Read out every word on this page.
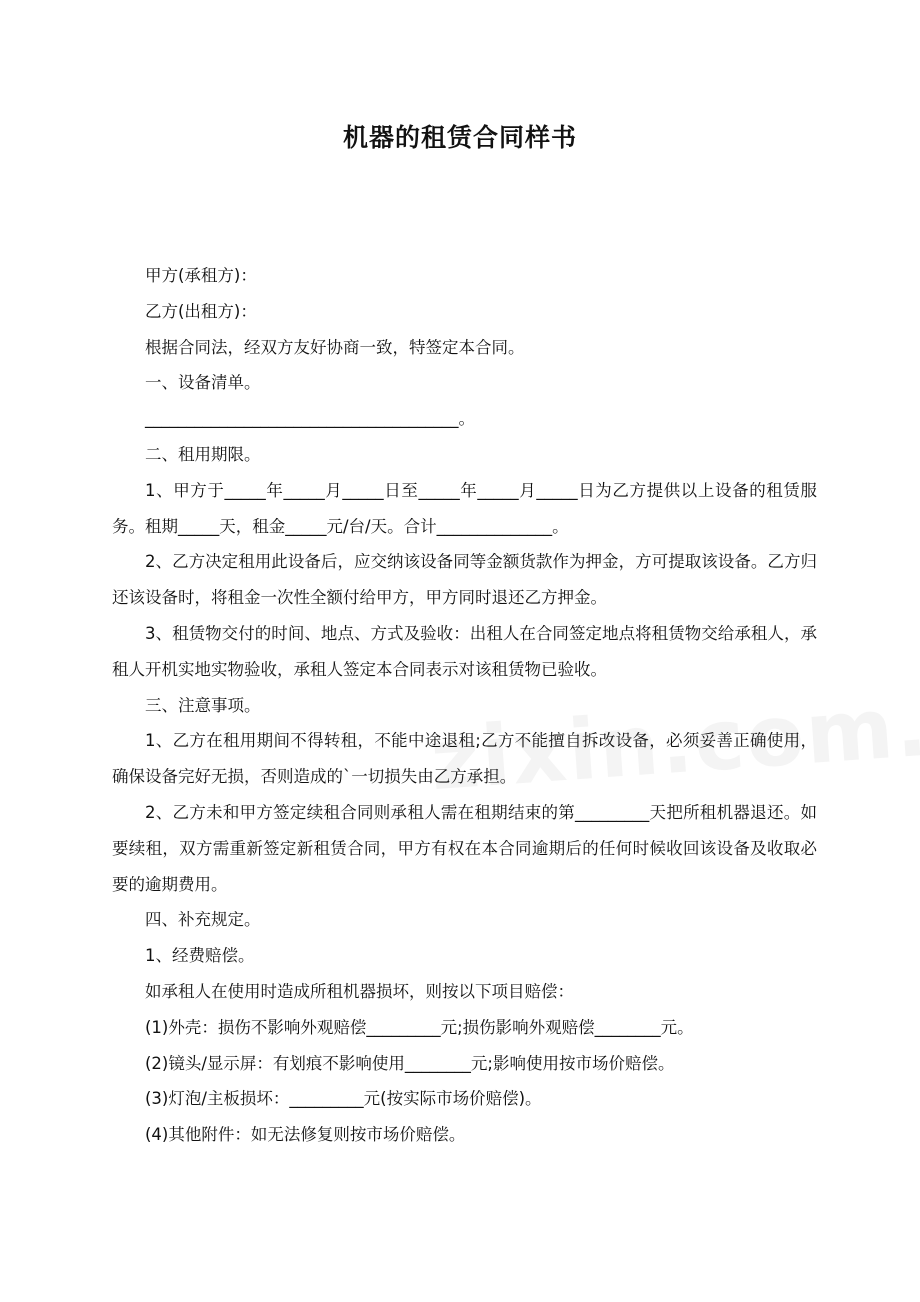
机器的租赁合同样书

甲方(承租方)：

乙方(出租方)：

根据合同法，经双方友好协商一致，特签定本合同。

一、设备清单。

______________________________________。

二、租用期限。

1、甲方于_____年_____月_____日至_____年_____月_____日为乙方提供以上设备的租赁服务。租期_____天，租金_____元/台/天。合计______________。

2、乙方决定租用此设备后，应交纳该设备同等金额货款作为押金，方可提取该设备。乙方归还该设备时，将租金一次性全额付给甲方，甲方同时退还乙方押金。

3、租赁物交付的时间、地点、方式及验收：出租人在合同签定地点将租赁物交给承租人，承租人开机实地实物验收，承租人签定本合同表示对该租赁物已验收。

三、注意事项。

1、乙方在租用期间不得转租，不能中途退租;乙方不能擅自拆改设备，必须妥善正确使用，确保设备完好无损，否则造成的`一切损失由乙方承担。

2、乙方未和甲方签定续租合同则承租人需在租期结束的第_________天把所租机器退还。如要续租，双方需重新签定新租赁合同，甲方有权在本合同逾期后的任何时候收回该设备及收取必要的逾期费用。

四、补充规定。

1、经费赔偿。

如承租人在使用时造成所租机器损坏，则按以下项目赔偿：

(1)外壳：损伤不影响外观赔偿_________元;损伤影响外观赔偿________元。

(2)镜头/显示屏：有划痕不影响使用________元;影响使用按市场价赔偿。

(3)灯泡/主板损坏：_________元(按实际市场价赔偿)。

(4)其他附件：如无法修复则按市场价赔偿。
